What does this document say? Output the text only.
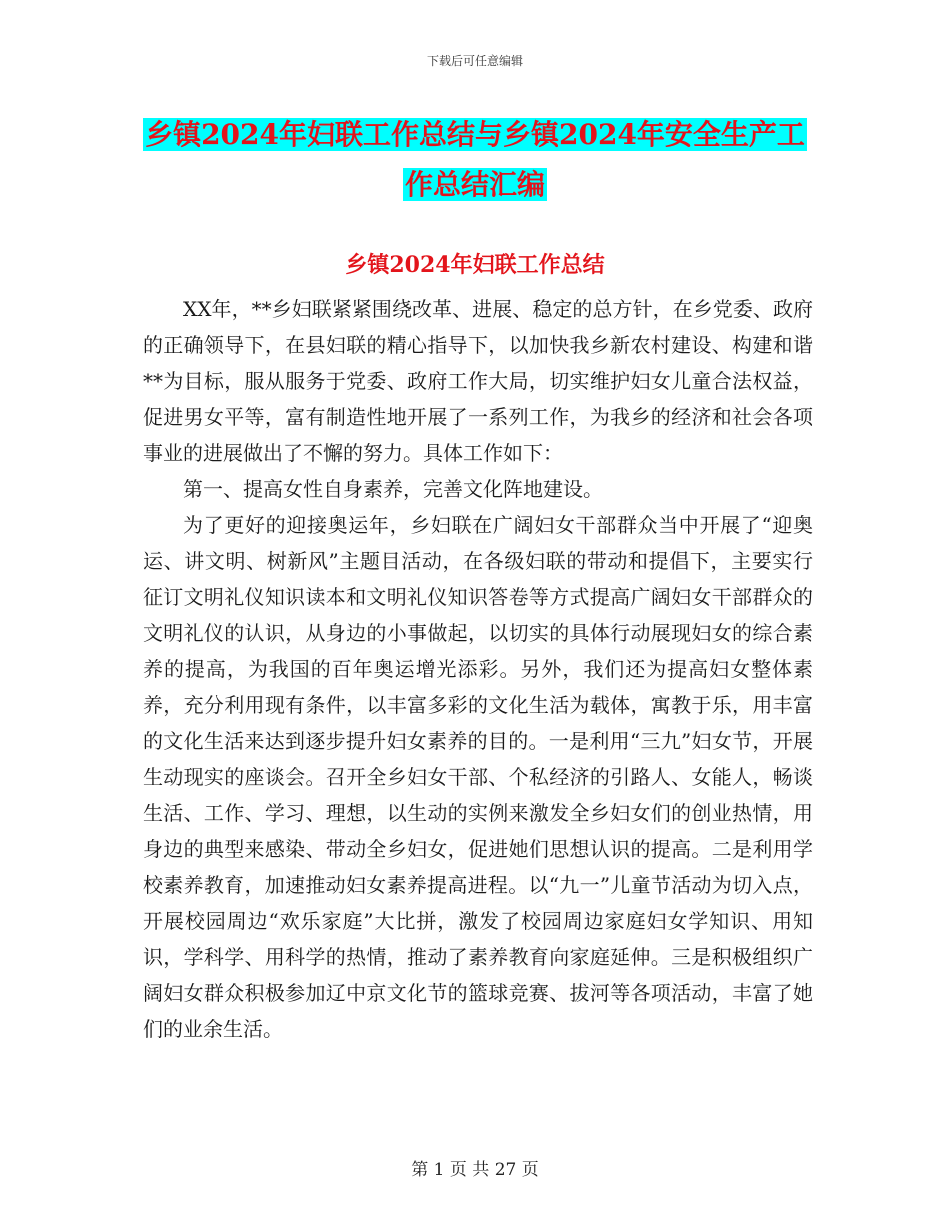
下载后可任意编辑
乡镇2024年妇联工作总结与乡镇2024年安全生产工
作总结汇编
乡镇2024年妇联工作总结

XX年，**乡妇联紧紧围绕改革、进展、稳定的总方针，在乡党委、政府的正确领导下，在县妇联的精心指导下，以加快我乡新农村建设、构建和谐**为目标，服从服务于党委、政府工作大局，切实维护妇女儿童合法权益，促进男女平等，富有制造性地开展了一系列工作，为我乡的经济和社会各项事业的进展做出了不懈的努力。具体工作如下：

第一、提高女性自身素养，完善文化阵地建设。

为了更好的迎接奥运年，乡妇联在广阔妇女干部群众当中开展了“迎奥运、讲文明、树新风”主题目活动，在各级妇联的带动和提倡下，主要实行征订文明礼仪知识读本和文明礼仪知识答卷等方式提高广阔妇女干部群众的文明礼仪的认识，从身边的小事做起，以切实的具体行动展现妇女的综合素养的提高，为我国的百年奥运增光添彩。另外，我们还为提高妇女整体素养，充分利用现有条件，以丰富多彩的文化生活为载体，寓教于乐，用丰富的文化生活来达到逐步提升妇女素养的目的。一是利用“三九”妇女节，开展生动现实的座谈会。召开全乡妇女干部、个私经济的引路人、女能人，畅谈生活、工作、学习、理想，以生动的实例来激发全乡妇女们的创业热情，用身边的典型来感染、带动全乡妇女，促进她们思想认识的提高。二是利用学校素养教育，加速推动妇女素养提高进程。以“九一”儿童节活动为切入点，开展校园周边“欢乐家庭”大比拼，激发了校园周边家庭妇女学知识、用知识，学科学、用科学的热情，推动了素养教育向家庭延伸。三是积极组织广阔妇女群众积极参加辽中京文化节的篮球竞赛、拔河等各项活动，丰富了她们的业余生活。

第 1 页 共 27 页
